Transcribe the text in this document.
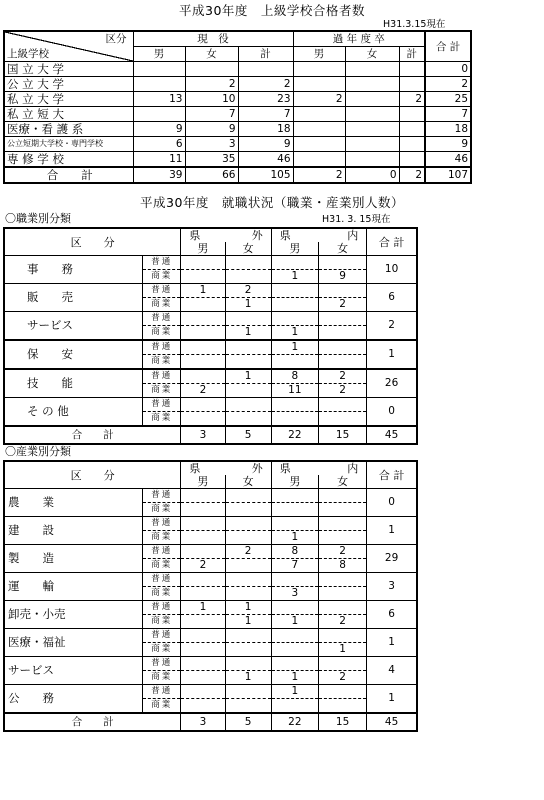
平成30年度　上級学校合格者数
H31.3.15現在
上級学校
区分	現　役			過 年 度 卒			合 計
	男	女	計	男	女	計	
国 立 大 学							0
公 立 大 学		2	2				2
私 立 大 学	13	10	23	2		2	25
私 立 短 大		7	7				7
医療・看 護 系	9	9	18				18
公立短期大学校・専門学校	6	3	9				9
専 修 学 校	11	35	46				46
合　　計	39	66	105	2	0	2	107
平成30年度　就職状況（職業・産業別人数）
〇職業別分類	H31. 3. 15現在
区　　分		県 外		県 内		合 計
		男	女	男	女	
事　　務	普通					10
	商業			1	9	
販　　売	普通	1	2			6
	商業		1		2	
サービス	普通					2
	商業		1	1		
保　　安	普通			1		1
	商業					
技　　能	普通		1	8	2	26
	商業	2		11	2	
そ の 他	普通					0
	商業					
合　　計		3	5	22	15	45
〇産業別分類
区　　分		県 外		県 内		合 計
		男	女	男	女	
農　　業	普通					0
	商業					
建　　設	普通					1
	商業			1		
製　　造	普通		2	8	2	29
	商業	2		7	8	
運　　輸	普通					3
	商業			3		
卸売・小売	普通	1	1			6
	商業		1	1	2	
医療・福祉	普通					1
	商業				1	
サービス	普通					4
	商業		1	1	2	
公　　務	普通			1		1
	商業					
合　　計		3	5	22	15	45
